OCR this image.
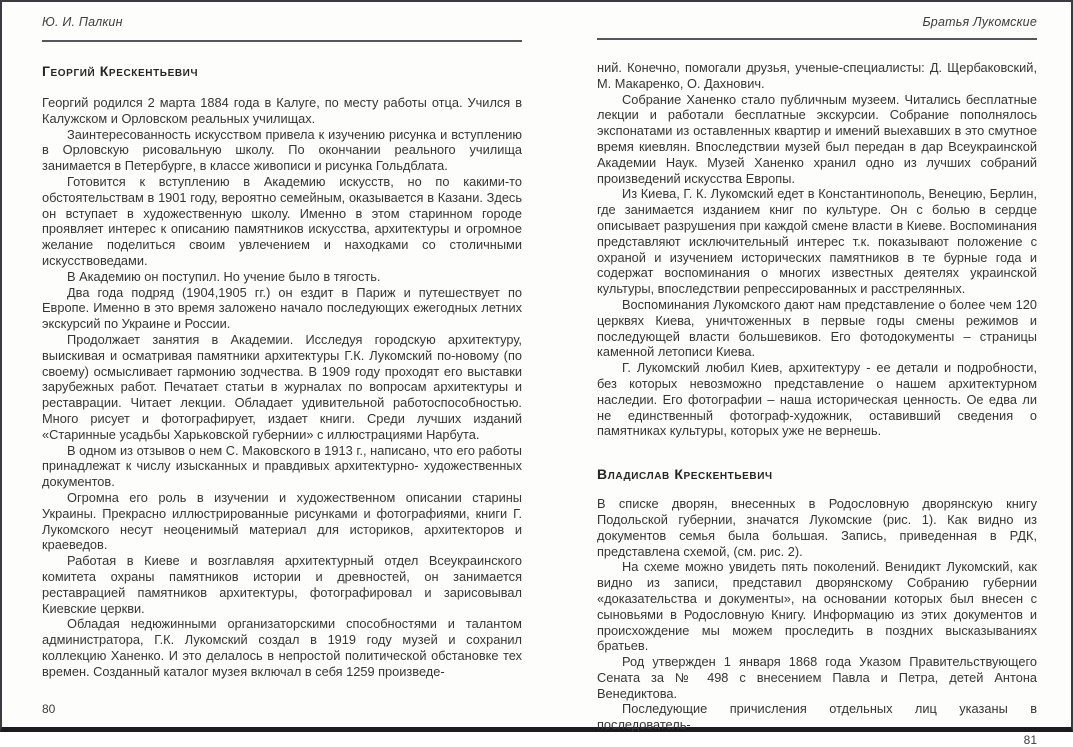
Ю. И. Палкин
Георгий Крескентьевич

Георгий родился 2 марта 1884 года в Калуге, по месту работы отца. Учился в Калужском и Орловском реальных училищах.

Заинтересованность искусством привела к изучению рисунка и вступлению в Орловскую рисовальную школу. По окончании реального училища занимается в Петербурге, в классе живописи и рисунка Гольдблата.

Готовится к вступлению в Академию искусств, но по какими-то обстоятельствам в 1901 году, вероятно семейным, оказывается в Казани. Здесь он вступает в художественную школу. Именно в этом старинном городе проявляет интерес к описанию памятников искусства, архитектуры и огромное желание поделиться своим увлечением и находками со столичными искусствоведами.

В Академию он поступил. Но учение было в тягость.

Два года подряд (1904,1905 гг.) он ездит в Париж и путешествует по Европе. Именно в это время заложено начало последующих ежегодных летних экскурсий по Украине и России.

Продолжает занятия в Академии. Исследуя городскую архитектуру, выискивая и осматривая памятники архитектуры Г.К. Лукомский по-новому (по своему) осмысливает гармонию зодчества. В 1909 году проходят его выставки зарубежных работ. Печатает статьи в журналах по вопросам архитектуры и реставрации. Читает лекции. Обладает удивительной работоспособностью. Много рисует и фотографирует, издает книги. Среди лучших изданий «Старинные усадьбы Харьковской губернии» с иллюстрациями Нарбута.

В одном из отзывов о нем С. Маковского в 1913 г., написано, что его работы принадлежат к числу изысканных и правдивых архитектурно- художественных документов.

Огромна его роль в изучении и художественном описании старины Украины. Прекрасно иллюстрированные рисунками и фотографиями, книги Г. Лукомского несут неоценимый материал для историков, архитекторов и краеведов.

Работая в Киеве и возглавляя архитектурный отдел Всеукраинского комитета охраны памятников истории и древностей, он занимается реставрацией памятников архитектуры, фотографировал и зарисовывал Киевские церкви.

Обладая недюжинными организаторскими способностями и талантом администратора, Г.К. Лукомский создал в 1919 году музей и сохранил коллекцию Ханенко. И это делалось в непростой политической обстановке тех времен. Созданный каталог музея включал в себя 1259 произведе-

80
Братья Лукомские

ний. Конечно, помогали друзья, ученые-специалисты: Д. Щербаковский, М. Макаренко, О. Дахнович.

Собрание Ханенко стало публичным музеем. Читались бесплатные лекции и работали бесплатные экскурсии. Собрание пополнялось экспонатами из оставленных квартир и имений выехавших в это смутное время киевлян. Впоследствии музей был передан в дар Всеукраинской Академии Наук. Музей Ханенко хранил одно из лучших собраний произведений искусства Европы.

Из Киева, Г. К. Лукомский едет в Константинополь, Венецию, Берлин, где занимается изданием книг по культуре. Он с болью в сердце описывает разрушения при каждой смене власти в Киеве. Воспоминания представляют исключительный интерес т.к. показывают положение с охраной и изучением исторических памятников в те бурные года и содержат воспоминания о многих известных деятелях украинской культуры, впоследствии репрессированных и расстрелянных.

Воспоминания Лукомского дают нам представление о более чем 120 церквях Киева, уничтоженных в первые годы смены режимов и последующей власти большевиков. Его фотодокументы – страницы каменной летописи Киева.

Г. Лукомский любил Киев, архитектуру - ее детали и подробности, без которых невозможно представление о нашем архитектурном наследии. Его фотографии – наша историческая ценность. Ое едва ли не единственный фотограф-художник, оставивший сведения о памятниках культуры, которых уже не вернешь.

Владислав Крескентьевич

В списке дворян, внесенных в Родословную дворянскую книгу Подольской губернии, значатся Лукомские (рис. 1). Как видно из документов семья была большая. Запись, приведенная в РДК, представлена схемой, (см. рис. 2).

На схеме можно увидеть пять поколений. Венидикт Лукомский, как видно из записи, представил дворянскому Собранию губернии «доказательства и документы», на основании которых был внесен с сыновьями в Родословную Книгу. Информацию из этих документов и происхождение мы можем проследить в поздних высказываниях братьев.

Род утвержден 1 января 1868 года Указом Правительствующего Сената за № 498 с внесением Павла и Петра, детей Антона Венедиктова.

Последующие причисления отдельных лиц указаны в последователь-

81
